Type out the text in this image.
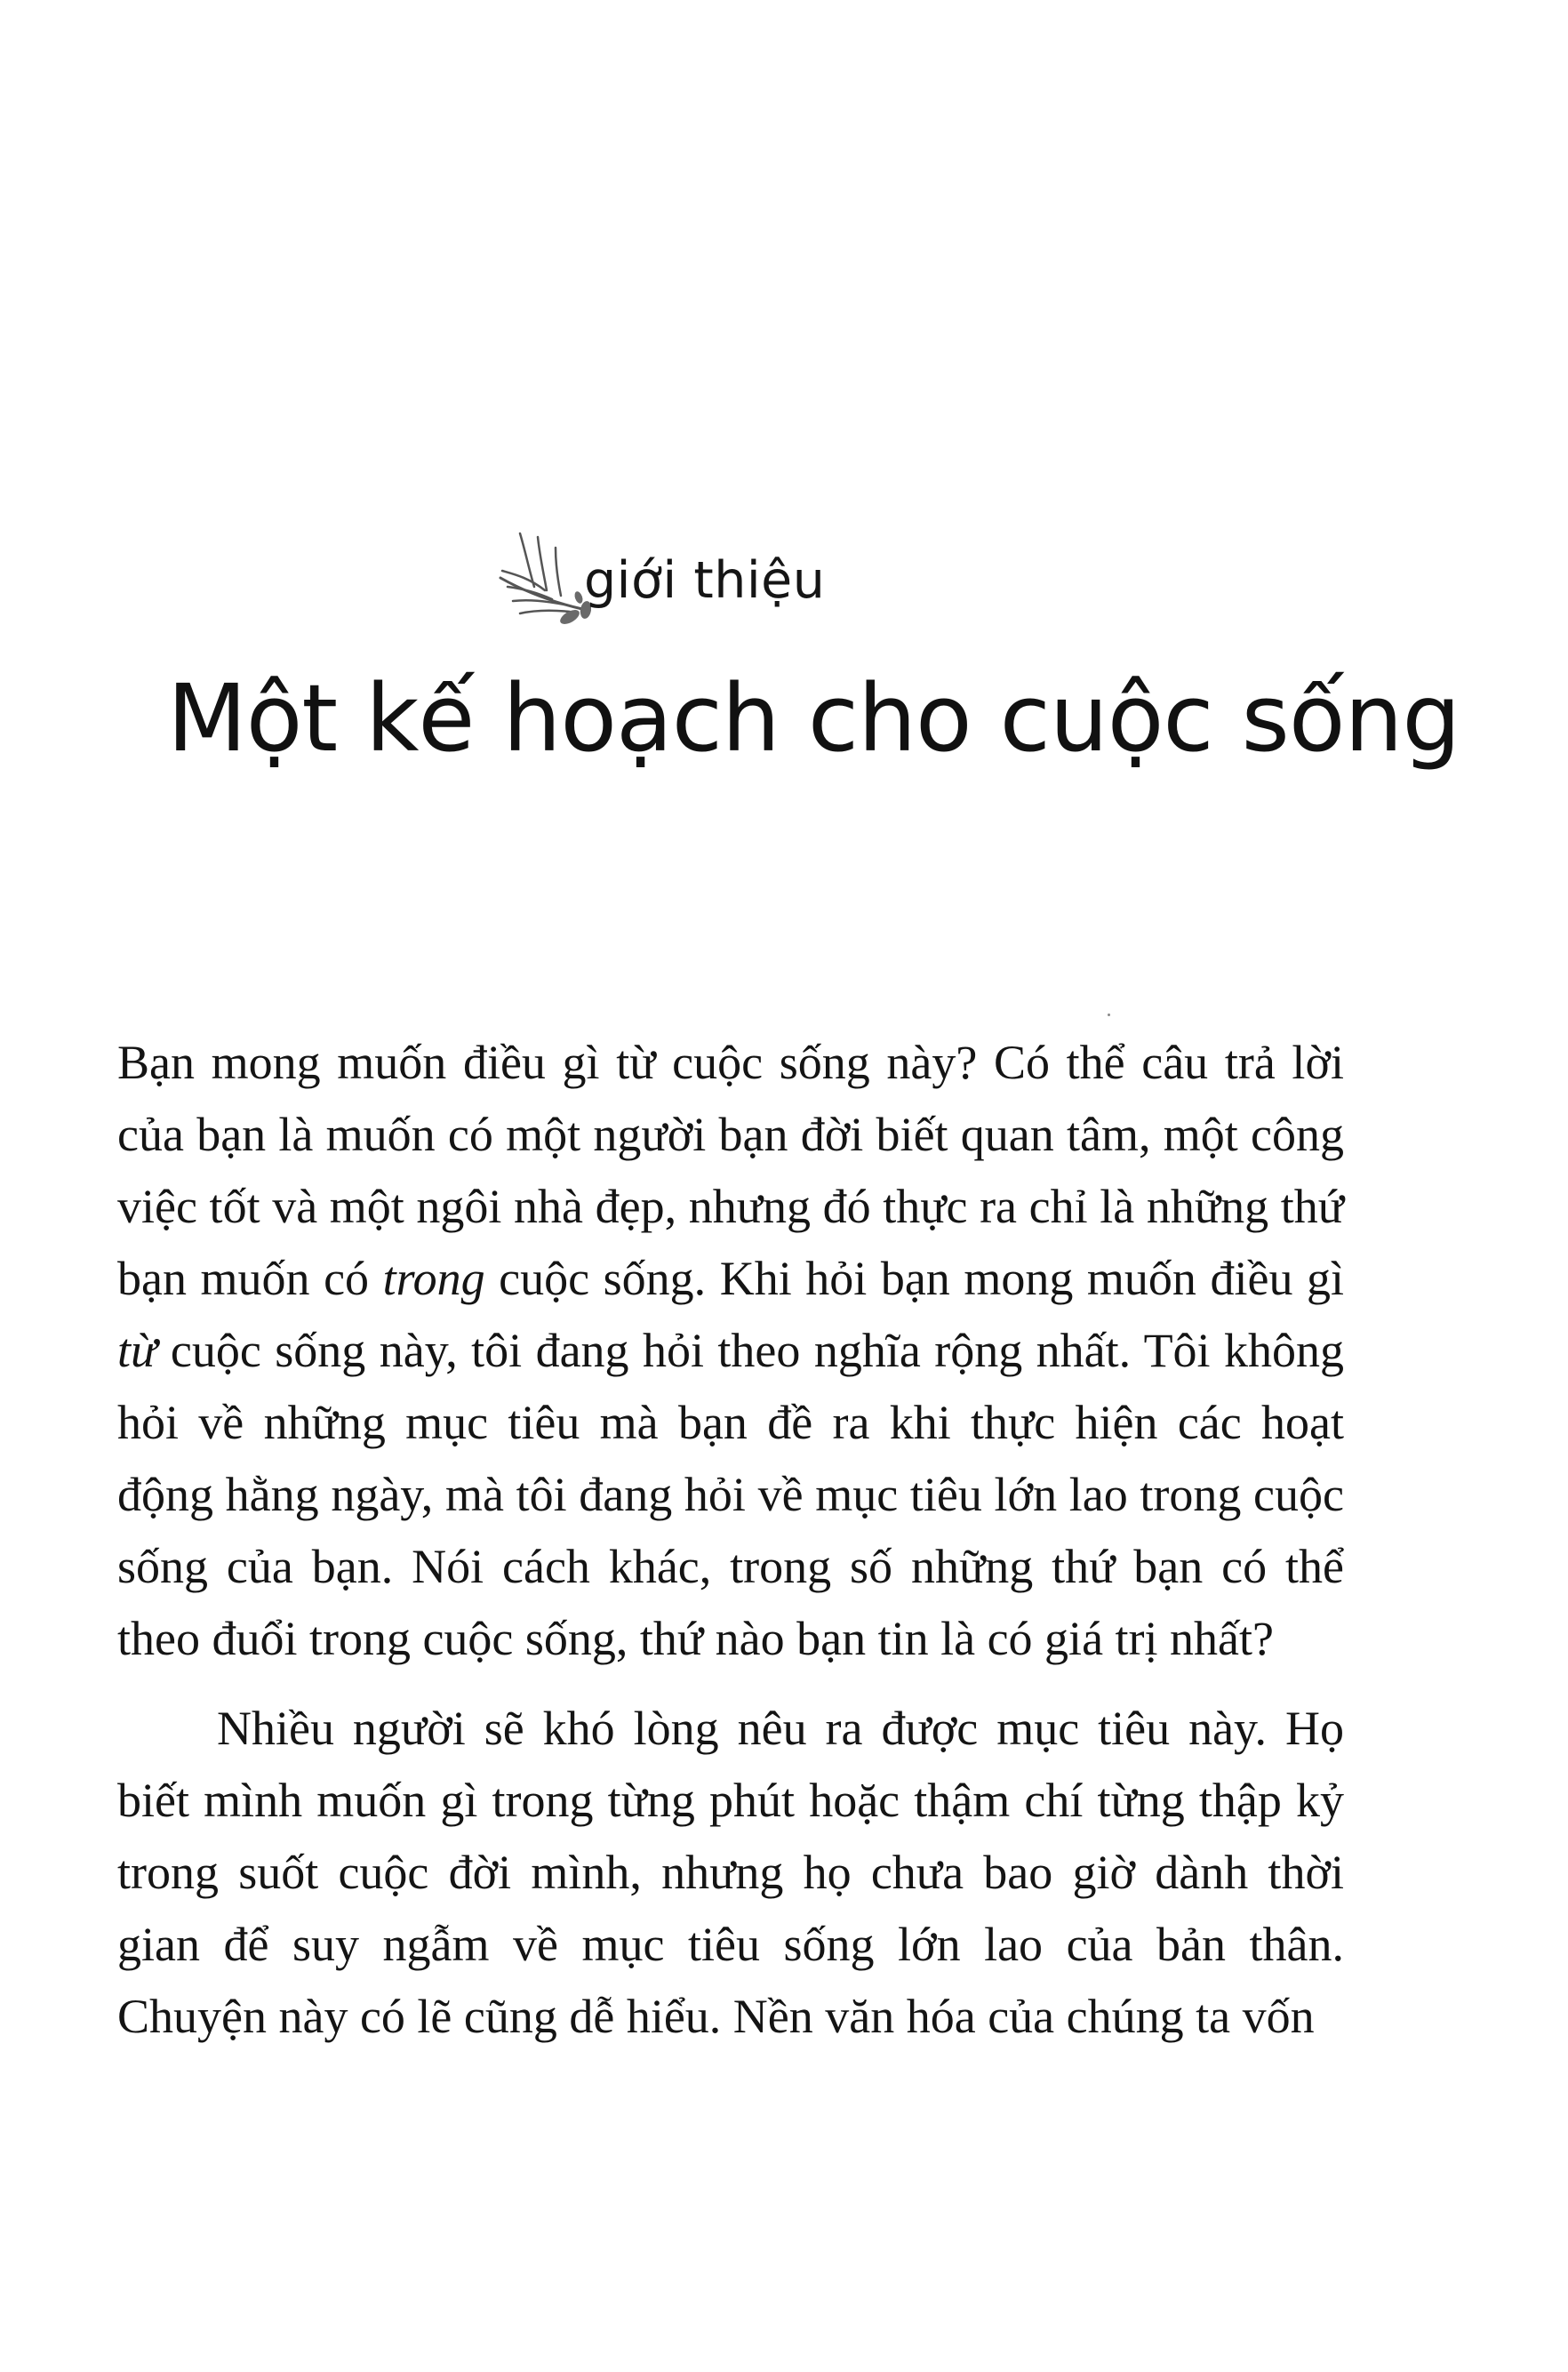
giới thiệu
Một kế hoạch cho cuộc sống

Bạn mong muốn điều gì từ cuộc sống này? Có thể câu trả lời của bạn là muốn có một người bạn đời biết quan tâm, một công việc tốt và một ngôi nhà đẹp, nhưng đó thực ra chỉ là những thứ bạn muốn có trong cuộc sống. Khi hỏi bạn mong muốn điều gì từ cuộc sống này, tôi đang hỏi theo nghĩa rộng nhất. Tôi không hỏi về những mục tiêu mà bạn đề ra khi thực hiện các hoạt động hằng ngày, mà tôi đang hỏi về mục tiêu lớn lao trong cuộc sống của bạn. Nói cách khác, trong số những thứ bạn có thể theo đuổi trong cuộc sống, thứ nào bạn tin là có giá trị nhất?

Nhiều người sẽ khó lòng nêu ra được mục tiêu này. Họ biết mình muốn gì trong từng phút hoặc thậm chí từng thập kỷ trong suốt cuộc đời mình, nhưng họ chưa bao giờ dành thời gian để suy ngẫm về mục tiêu sống lớn lao của bản thân. Chuyện này có lẽ cũng dễ hiểu. Nền văn hóa của chúng ta vốn
